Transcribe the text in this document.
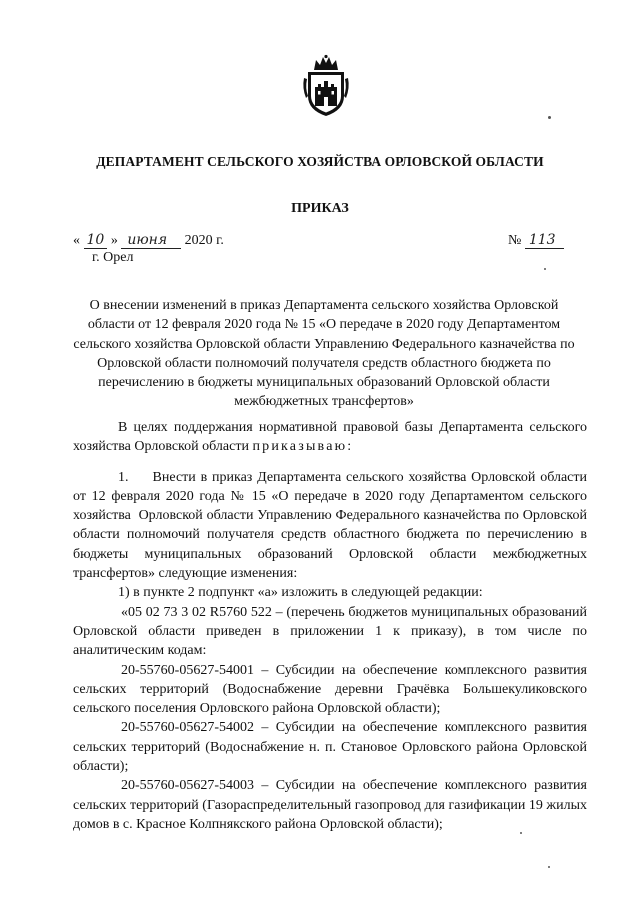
ДЕПАРТАМЕНТ СЕЛЬСКОГО ХОЗЯЙСТВА ОРЛОВСКОЙ ОБЛАСТИ
ПРИКАЗ
« 10 » июня 2020 г.
г. Орел
№ 113
О внесении изменений в приказ Департамента сельского хозяйства Орловской области от 12 февраля 2020 года № 15 «О передаче в 2020 году Департаментом сельского хозяйства Орловской области Управлению Федерального казначейства по Орловской области полномочий получателя средств областного бюджета по перечислению в бюджеты муниципальных образований Орловской области межбюджетных трансфертов»

В целях поддержания нормативной правовой базы Департамента сельского хозяйства Орловской области приказываю:

1.     Внести в приказ Департамента сельского хозяйства Орловской области от 12 февраля 2020 года № 15 «О передаче в 2020 году Департаментом сельского хозяйства  Орловской области Управлению Федерального казначейства по Орловской области полномочий получателя средств областного бюджета по перечислению в бюджеты муниципальных образований Орловской области межбюджетных трансфертов» следующие изменения:

1) в пункте 2 подпункт «а» изложить в следующей редакции:

«05 02 73 3 02 R5760 522 – (перечень бюджетов муниципальных образований Орловской области приведен в приложении 1 к приказу), в том числе по аналитическим кодам:

20-55760-05627-54001 – Субсидии на обеспечение комплексного развития сельских территорий (Водоснабжение деревни Грачёвка Большекуликовского сельского поселения Орловского района Орловской области);

20-55760-05627-54002 – Субсидии на обеспечение комплексного развития сельских территорий (Водоснабжение н. п. Становое Орловского района Орловской области);

20-55760-05627-54003 – Субсидии на обеспечение комплексного развития сельских территорий (Газораспределительный газопровод для газификации 19 жилых домов в с. Красное Колпнякского района Орловской области);
